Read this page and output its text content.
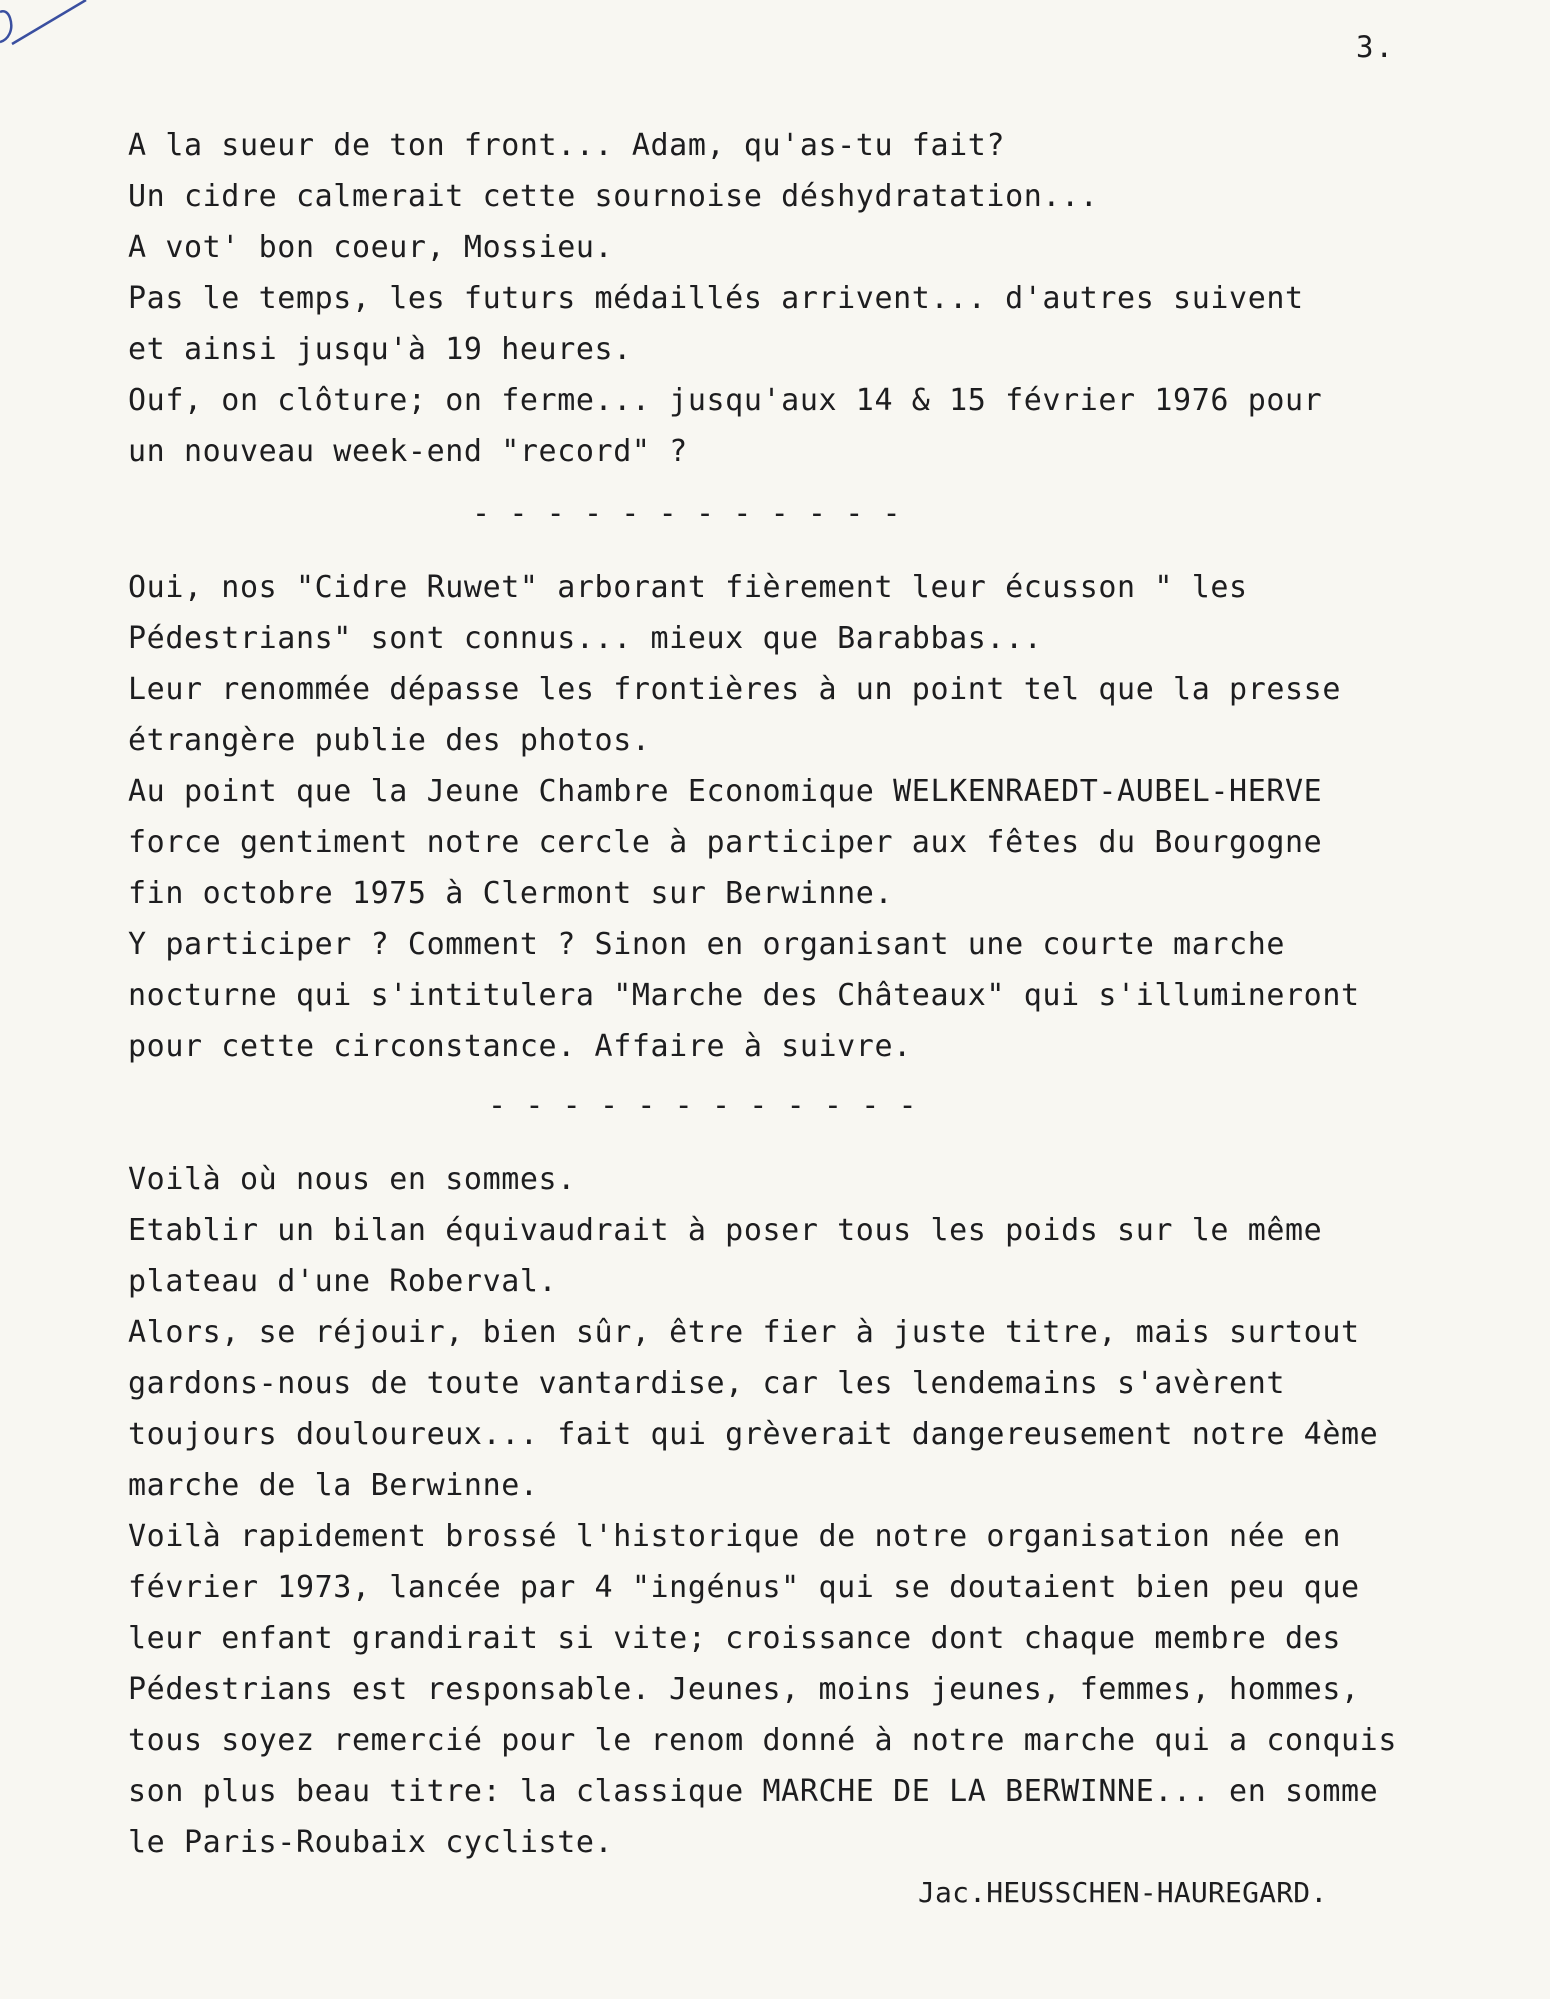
3.
A la sueur de ton front... Adam, qu'as-tu fait?
Un cidre calmerait cette sournoise déshydratation...
A vot' bon coeur, Mossieu.
Pas le temps, les futurs médaillés arrivent... d'autres suivent
et ainsi jusqu'à 19 heures.
Ouf, on clôture; on ferme... jusqu'aux 14 & 15 février 1976 pour
un nouveau week-end "record" ?
- - - - - - - - - - - -
Oui, nos "Cidre Ruwet" arborant fièrement leur écusson " les
Pédestrians" sont connus... mieux que Barabbas...
Leur renommée dépasse les frontières à un point tel que la presse
étrangère publie des photos.
Au point que la Jeune Chambre Economique WELKENRAEDT-AUBEL-HERVE
force gentiment notre cercle à participer aux fêtes du Bourgogne
fin octobre 1975 à Clermont sur Berwinne.
Y participer ? Comment ? Sinon en organisant une courte marche
nocturne qui s'intitulera "Marche des Châteaux" qui s'illumineront
pour cette circonstance. Affaire à suivre.
- - - - - - - - - - - -
Voilà où nous en sommes.
Etablir un bilan équivaudrait à poser tous les poids sur le même
plateau d'une Roberval.
Alors, se réjouir, bien sûr, être fier à juste titre, mais surtout
gardons-nous de toute vantardise, car les lendemains s'avèrent
toujours douloureux... fait qui grèverait dangereusement notre 4ème
marche de la Berwinne.
Voilà rapidement brossé l'historique de notre organisation née en
février 1973, lancée par 4 "ingénus" qui se doutaient bien peu que
leur enfant grandirait si vite; croissance dont chaque membre des
Pédestrians est responsable. Jeunes, moins jeunes, femmes, hommes,
tous soyez remercié pour le renom donné à notre marche qui a conquis
son plus beau titre: la classique MARCHE DE LA BERWINNE... en somme
le Paris-Roubaix cycliste.
Jac.HEUSSCHEN-HAUREGARD.
